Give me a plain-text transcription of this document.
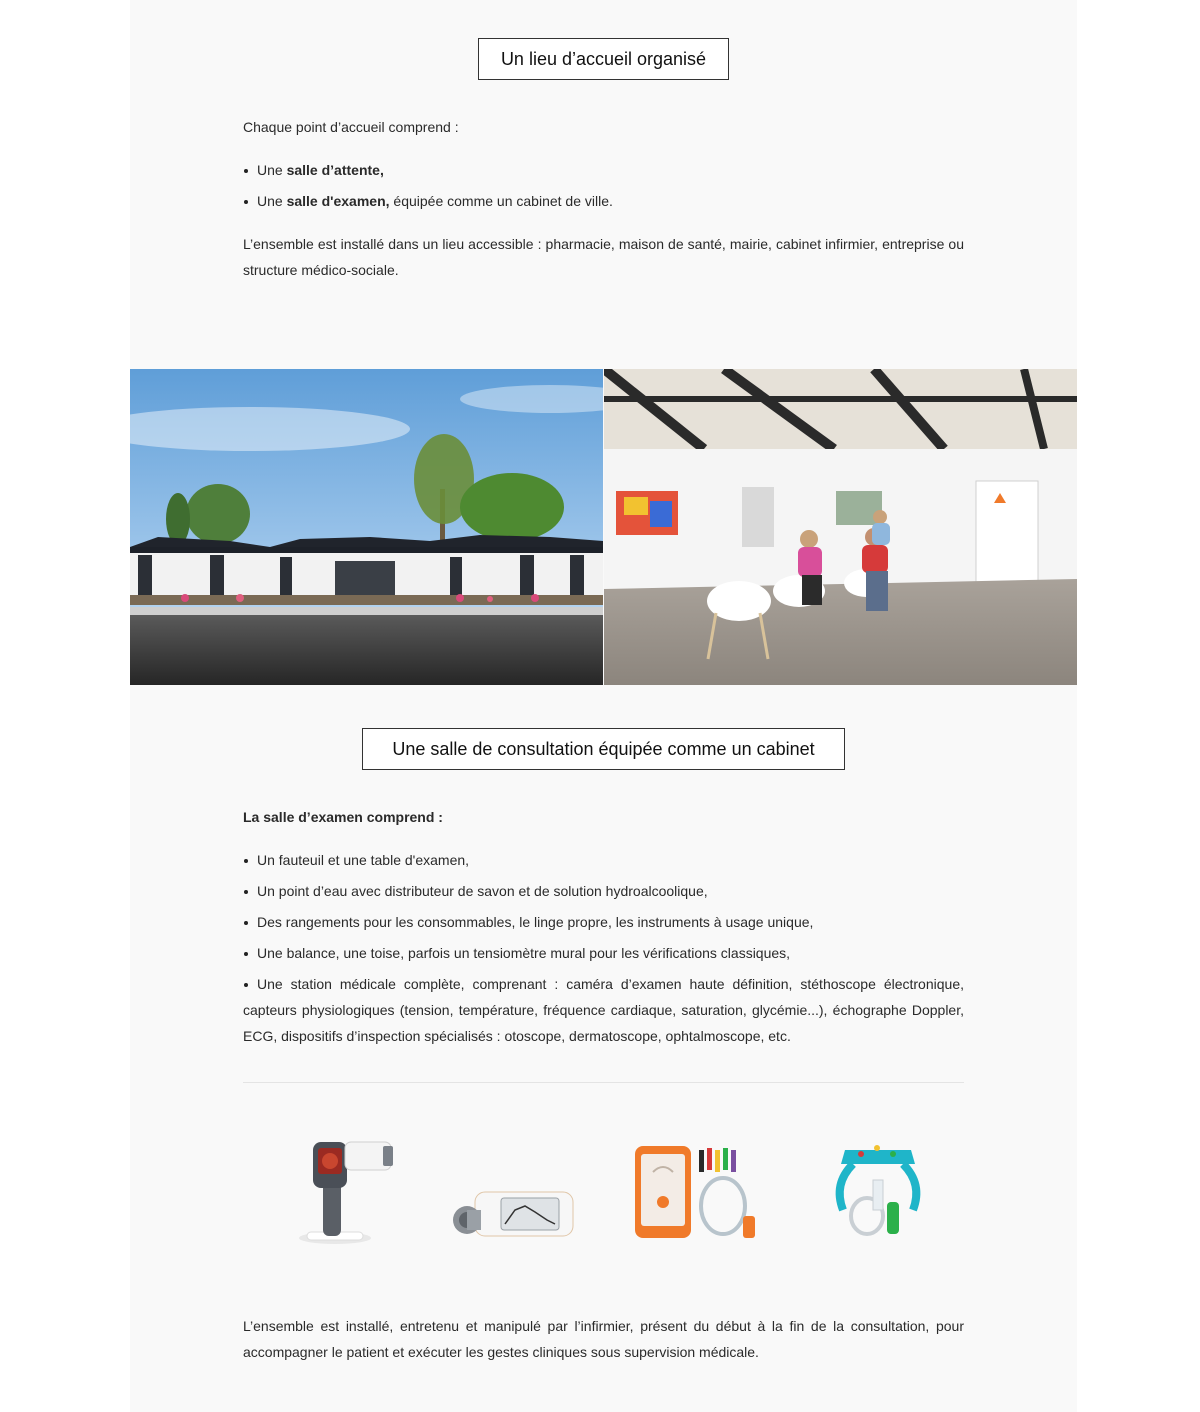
Un lieu d’accueil organisé
Chaque point d’accueil comprend :
Une salle d’attente,
Une salle d'examen, équipée comme un cabinet de ville.
L’ensemble est installé dans un lieu accessible : pharmacie, maison de santé, mairie, cabinet infirmier, entreprise ou structure médico-sociale.
Une salle de consultation équipée comme un cabinet
La salle d’examen comprend :
Un fauteuil et une table d'examen,
Un point d’eau avec distributeur de savon et de solution hydroalcoolique,
Des rangements pour les consommables, le linge propre, les instruments à usage unique,
Une balance, une toise, parfois un tensiomètre mural pour les vérifications classiques,
Une station médicale complète, comprenant : caméra d’examen haute définition, stéthoscope électronique, capteurs physiologiques (tension, température, fréquence cardiaque, saturation, glycémie...), échographe Doppler, ECG, dispositifs d’inspection spécialisés : otoscope, dermatoscope, ophtalmoscope, etc.
L’ensemble est installé, entretenu et manipulé par l’infirmier, présent du début à la fin de la consultation, pour accompagner le patient et exécuter les gestes cliniques sous supervision médicale.
